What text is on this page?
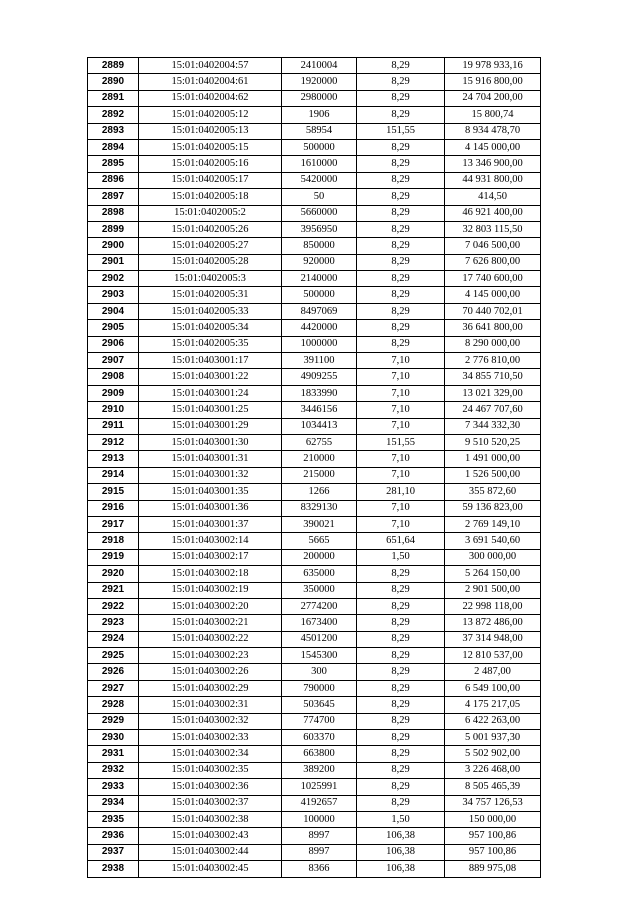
2889	15:01:0402004:57	2410004	8,29	19 978 933,16
2890	15:01:0402004:61	1920000	8,29	15 916 800,00
2891	15:01:0402004:62	2980000	8,29	24 704 200,00
2892	15:01:0402005:12	1906	8,29	15 800,74
2893	15:01:0402005:13	58954	151,55	8 934 478,70
2894	15:01:0402005:15	500000	8,29	4 145 000,00
2895	15:01:0402005:16	1610000	8,29	13 346 900,00
2896	15:01:0402005:17	5420000	8,29	44 931 800,00
2897	15:01:0402005:18	50	8,29	414,50
2898	15:01:0402005:2	5660000	8,29	46 921 400,00
2899	15:01:0402005:26	3956950	8,29	32 803 115,50
2900	15:01:0402005:27	850000	8,29	7 046 500,00
2901	15:01:0402005:28	920000	8,29	7 626 800,00
2902	15:01:0402005:3	2140000	8,29	17 740 600,00
2903	15:01:0402005:31	500000	8,29	4 145 000,00
2904	15:01:0402005:33	8497069	8,29	70 440 702,01
2905	15:01:0402005:34	4420000	8,29	36 641 800,00
2906	15:01:0402005:35	1000000	8,29	8 290 000,00
2907	15:01:0403001:17	391100	7,10	2 776 810,00
2908	15:01:0403001:22	4909255	7,10	34 855 710,50
2909	15:01:0403001:24	1833990	7,10	13 021 329,00
2910	15:01:0403001:25	3446156	7,10	24 467 707,60
2911	15:01:0403001:29	1034413	7,10	7 344 332,30
2912	15:01:0403001:30	62755	151,55	9 510 520,25
2913	15:01:0403001:31	210000	7,10	1 491 000,00
2914	15:01:0403001:32	215000	7,10	1 526 500,00
2915	15:01:0403001:35	1266	281,10	355 872,60
2916	15:01:0403001:36	8329130	7,10	59 136 823,00
2917	15:01:0403001:37	390021	7,10	2 769 149,10
2918	15:01:0403002:14	5665	651,64	3 691 540,60
2919	15:01:0403002:17	200000	1,50	300 000,00
2920	15:01:0403002:18	635000	8,29	5 264 150,00
2921	15:01:0403002:19	350000	8,29	2 901 500,00
2922	15:01:0403002:20	2774200	8,29	22 998 118,00
2923	15:01:0403002:21	1673400	8,29	13 872 486,00
2924	15:01:0403002:22	4501200	8,29	37 314 948,00
2925	15:01:0403002:23	1545300	8,29	12 810 537,00
2926	15:01:0403002:26	300	8,29	2 487,00
2927	15:01:0403002:29	790000	8,29	6 549 100,00
2928	15:01:0403002:31	503645	8,29	4 175 217,05
2929	15:01:0403002:32	774700	8,29	6 422 263,00
2930	15:01:0403002:33	603370	8,29	5 001 937,30
2931	15:01:0403002:34	663800	8,29	5 502 902,00
2932	15:01:0403002:35	389200	8,29	3 226 468,00
2933	15:01:0403002:36	1025991	8,29	8 505 465,39
2934	15:01:0403002:37	4192657	8,29	34 757 126,53
2935	15:01:0403002:38	100000	1,50	150 000,00
2936	15:01:0403002:43	8997	106,38	957 100,86
2937	15:01:0403002:44	8997	106,38	957 100,86
2938	15:01:0403002:45	8366	106,38	889 975,08
